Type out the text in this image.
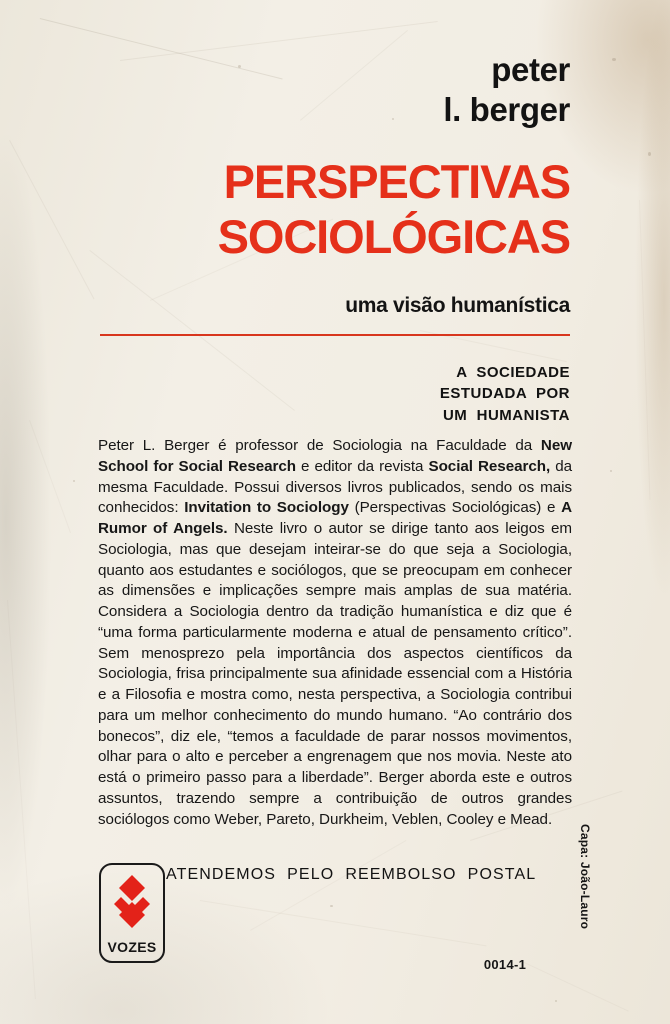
peter
l. berger
PERSPECTIVAS
SOCIOLÓGICAS
uma visão humanística
A  SOCIEDADE
ESTUDADA  POR
UM  HUMANISTA
Peter L. Berger é professor de Sociologia na Faculdade da New School for Social Research e editor da revista Social Research, da mesma Faculdade. Possui diversos livros publicados, sendo os mais conhecidos: Invitation to Sociology (Perspectivas Sociológicas) e A Rumor of Angels. Neste livro o autor se dirige tanto aos leigos em Sociologia, mas que desejam inteirar-se do que seja a Sociologia, quanto aos estudantes e sociólogos, que se preocupam em conhecer as dimensões e implicações sempre mais amplas de sua matéria. Considera a Sociologia dentro da tradição humanística e diz que é “uma forma particularmente moderna e atual de pensamento crítico”. Sem menosprezo pela importância dos aspectos científicos da Sociologia, frisa principalmente sua afinidade essencial com a História e a Filosofia e mostra como, nesta perspectiva, a Sociologia contribui para um melhor conhecimento do mundo humano. “Ao contrário dos bonecos”, diz ele, “temos a faculdade de parar nossos movimentos, olhar para o alto e perceber a engrenagem que nos movia. Neste ato está o primeiro passo para a liberdade”. Berger aborda este e outros assuntos, trazendo sempre a contribuição de outros grandes sociólogos como Weber, Pareto, Durkheim, Veblen, Cooley e Mead.
VOZES
ATENDEMOS  PELO  REEMBOLSO  POSTAL	Capa: João-Lauro
0014-1
